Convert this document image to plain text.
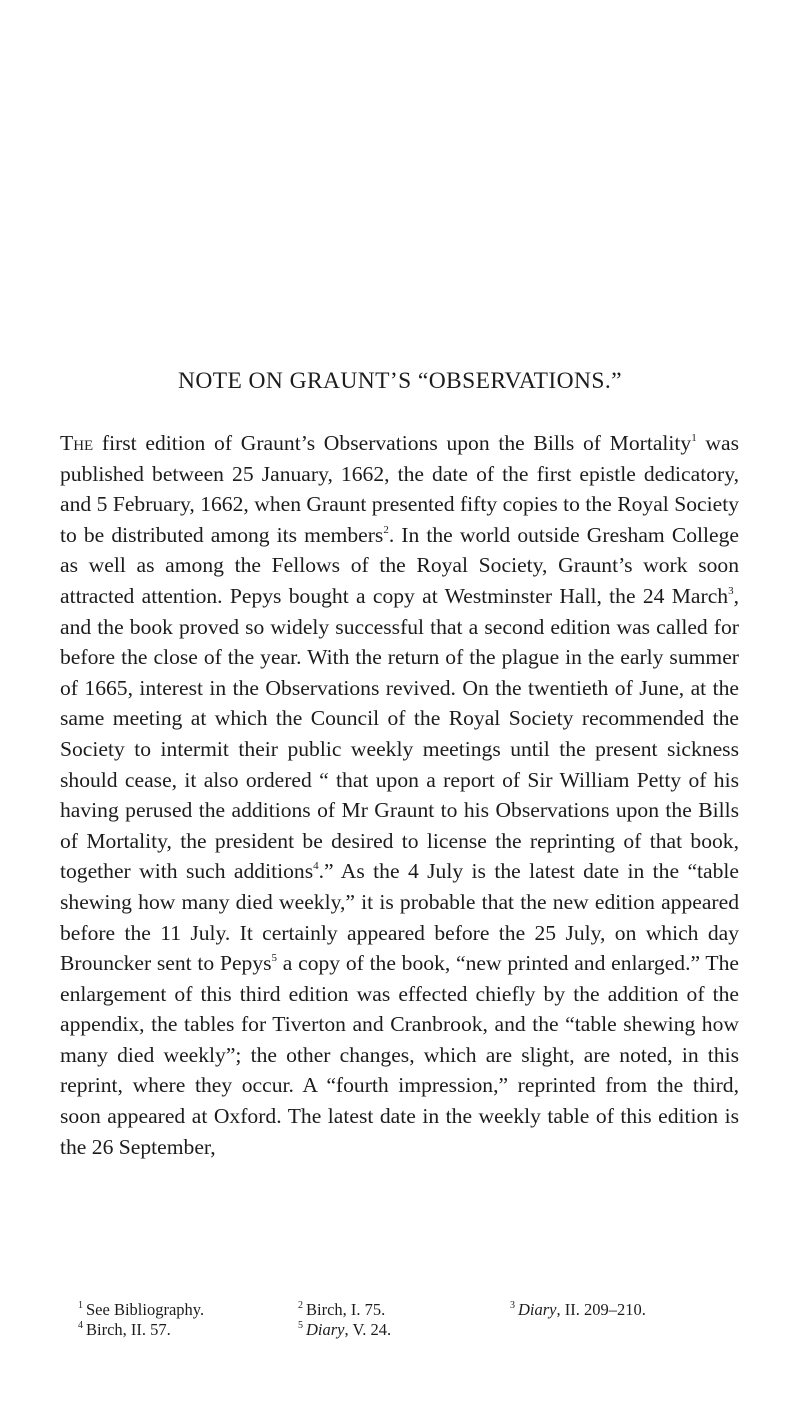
NOTE ON GRAUNT’S “OBSERVATIONS.”

The first edition of Graunt’s Observations upon the Bills of Mortality$^1$ was published between 25 January, 1662, the date of the first epistle dedicatory, and 5 February, 1662, when Graunt presented fifty copies to the Royal Society to be distributed among its members$^2$. In the world outside Gresham College as well as among the Fellows of the Royal Society, Graunt’s work soon attracted attention. Pepys bought a copy at Westminster Hall, the 24 March$^3$, and the book proved so widely successful that a second edition was called for before the close of the year. With the return of the plague in the early summer of 1665, interest in the Observations revived. On the twentieth of June, at the same meeting at which the Council of the Royal Society recommended the Society to intermit their public weekly meetings until the present sickness should cease, it also ordered “ that upon a report of Sir William Petty of his having perused the additions of Mr Graunt to his Observations upon the Bills of Mortality, the president be desired to license the reprinting of that book, together with such additions$^4$.” As the 4 July is the latest date in the “table shewing how many died weekly,” it is probable that the new edition appeared before the 11 July. It certainly appeared before the 25 July, on which day Brouncker sent to Pepys$^5$ a copy of the book, “new printed and enlarged.” The enlargement of this third edition was effected chiefly by the addition of the appendix, the tables for Tiverton and Cranbrook, and the “table shewing how many died weekly”; the other changes, which are slight, are noted, in this reprint, where they occur. A “fourth impression,” reprinted from the third, soon appeared at Oxford. The latest date in the weekly table of this edition is the 26 September,

$^1$ See Bibliography.	$^2$ Birch, I. 75.	$^3$ Diary, II. 209–210.
$^4$ Birch, II. 57.	$^5$ Diary, V. 24.
